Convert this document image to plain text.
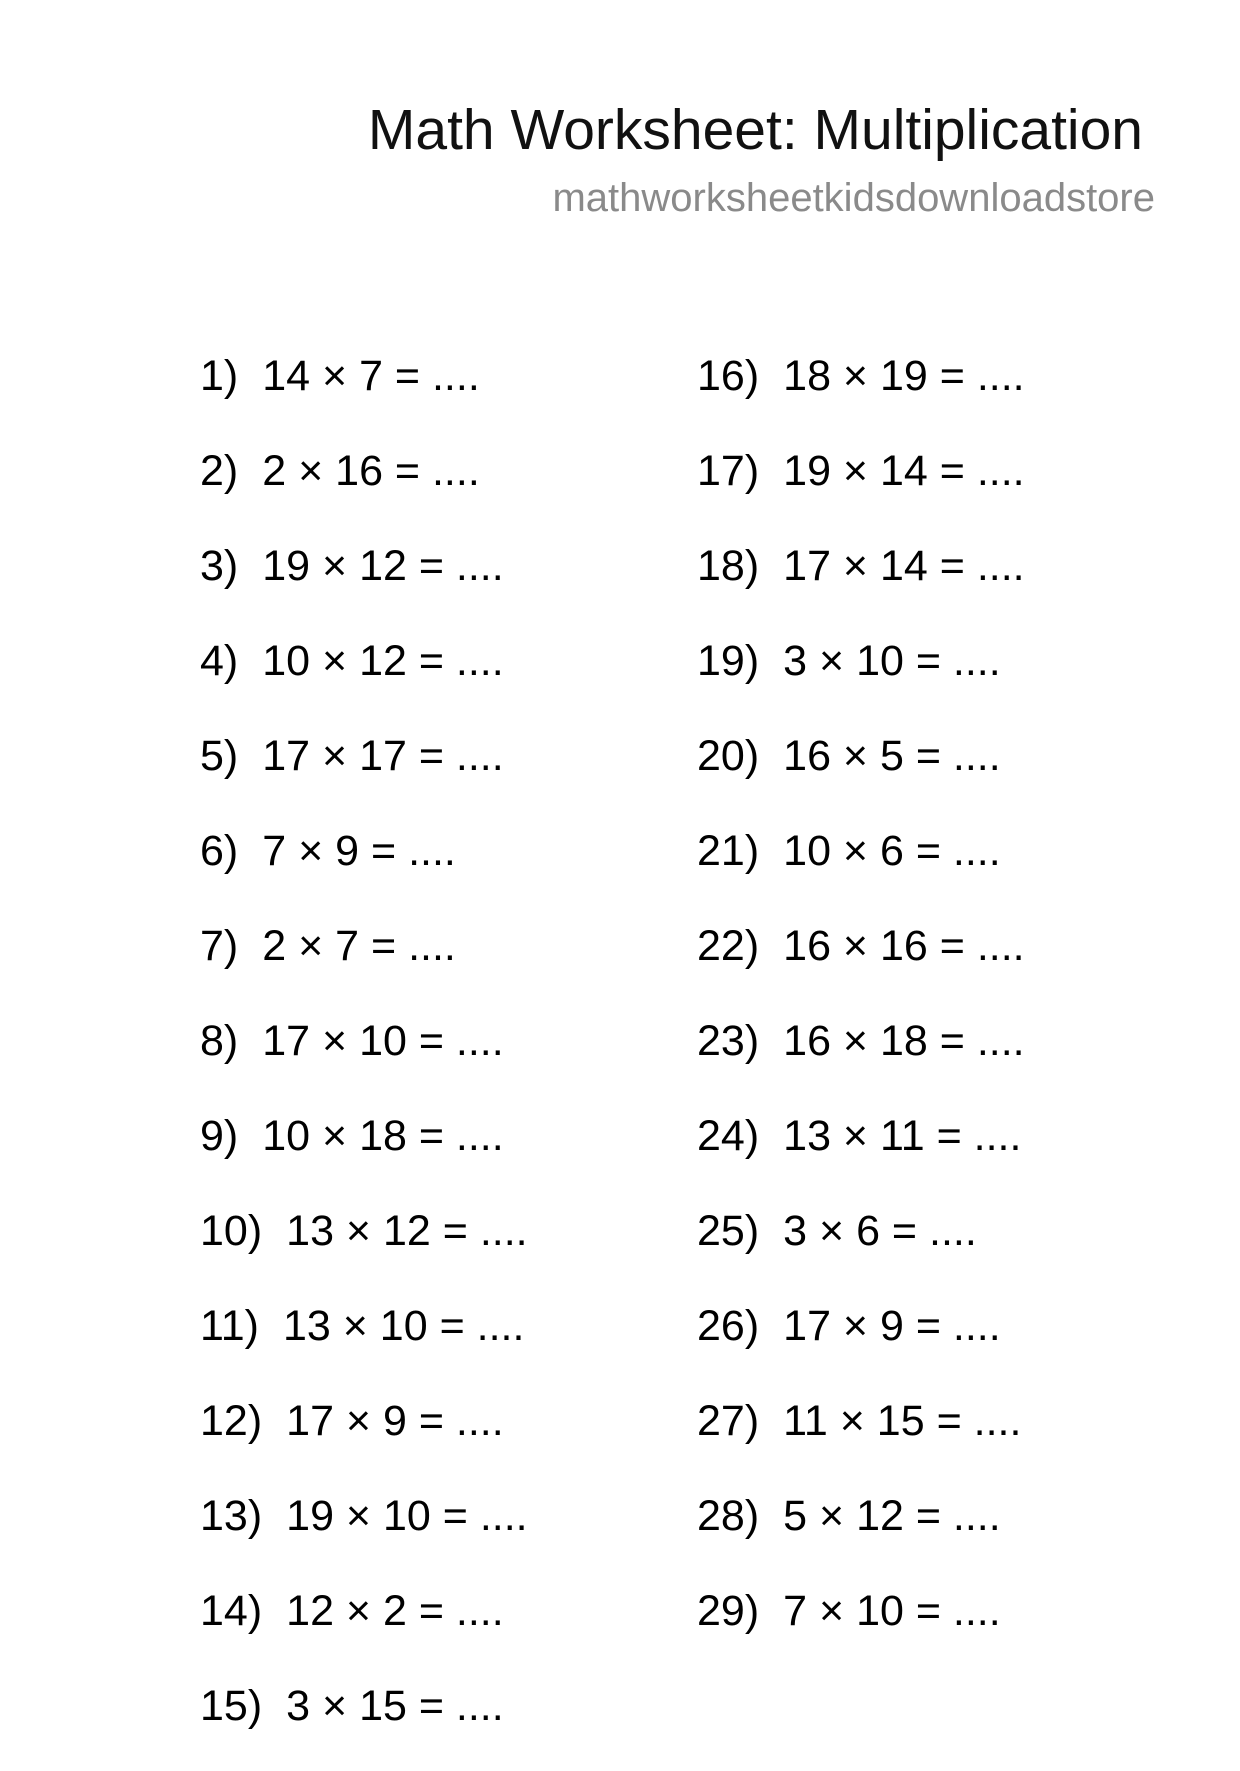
Math Worksheet: Multiplication
mathworksheetkidsdownloadstore
1) 14 × 7 = ....
2) 2 × 16 = ....
3) 19 × 12 = ....
4) 10 × 12 = ....
5) 17 × 17 = ....
6) 7 × 9 = ....
7) 2 × 7 = ....
8) 17 × 10 = ....
9) 10 × 18 = ....
10) 13 × 12 = ....
11) 13 × 10 = ....
12) 17 × 9 = ....
13) 19 × 10 = ....
14) 12 × 2 = ....
15) 3 × 15 = ....
16) 18 × 19 = ....
17) 19 × 14 = ....
18) 17 × 14 = ....
19) 3 × 10 = ....
20) 16 × 5 = ....
21) 10 × 6 = ....
22) 16 × 16 = ....
23) 16 × 18 = ....
24) 13 × 11 = ....
25) 3 × 6 = ....
26) 17 × 9 = ....
27) 11 × 15 = ....
28) 5 × 12 = ....
29) 7 × 10 = ....
